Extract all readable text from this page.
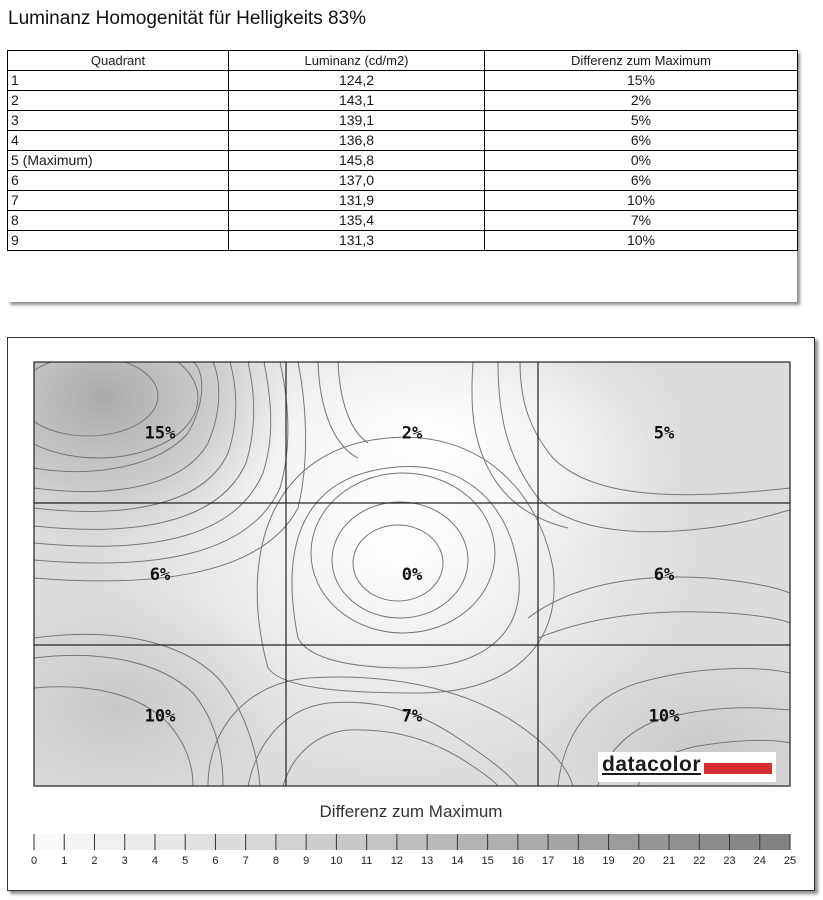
Luminanz Homogenität für Helligkeits 83%
Quadrant	Luminanz (cd/m2)	Differenz zum Maximum
1	124,2	15%
2	143,1	2%
3	139,1	5%
4	136,8	6%
5 (Maximum)	145,8	0%
6	137,0	6%
7	131,9	10%
8	135,4	7%
9	131,3	10%
15%	2%	5%
6%	0%	6%
10%	7%	10%
0 1 2 3 4 5 6 7 8 9 10 11 12 13 14 15 16 17 18 19 20 21 22 23 24 25
datacolor
Differenz zum Maximum
